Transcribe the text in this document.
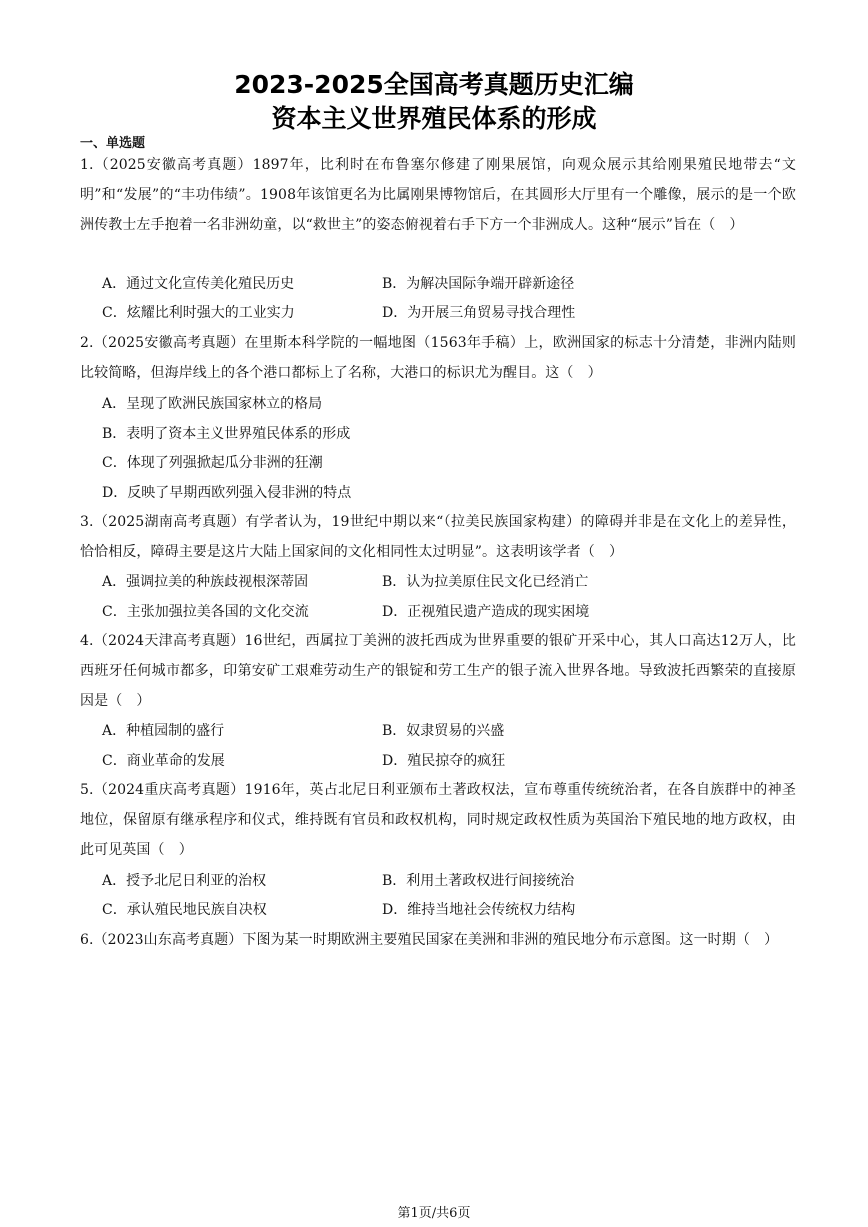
2023-2025全国高考真题历史汇编
资本主义世界殖民体系的形成
一、单选题
1.（2025安徽高考真题）1897年，比利时在布鲁塞尔修建了刚果展馆，向观众展示其给刚果殖民地带去“文明”和“发展”的“丰功伟绩”。1908年该馆更名为比属刚果博物馆后，在其圆形大厅里有一个雕像，展示的是一个欧洲传教士左手抱着一名非洲幼童，以“救世主”的姿态俯视着右手下方一个非洲成人。这种“展示”旨在（　）
A．通过文化宣传美化殖民历史	B．为解决国际争端开辟新途径
C．炫耀比利时强大的工业实力	D．为开展三角贸易寻找合理性
2.（2025安徽高考真题）在里斯本科学院的一幅地图（1563年手稿）上，欧洲国家的标志十分清楚，非洲内陆则比较简略，但海岸线上的各个港口都标上了名称，大港口的标识尤为醒目。这（　）
A．呈现了欧洲民族国家林立的格局
B．表明了资本主义世界殖民体系的形成
C．体现了列强掀起瓜分非洲的狂潮
D．反映了早期西欧列强入侵非洲的特点
3.（2025湖南高考真题）有学者认为，19世纪中期以来“（拉美民族国家构建）的障碍并非是在文化上的差异性，恰恰相反，障碍主要是这片大陆上国家间的文化相同性太过明显”。这表明该学者（　）
A．强调拉美的种族歧视根深蒂固	B．认为拉美原住民文化已经消亡
C．主张加强拉美各国的文化交流	D．正视殖民遗产造成的现实困境
4.（2024天津高考真题）16世纪，西属拉丁美洲的波托西成为世界重要的银矿开采中心，其人口高达12万人，比西班牙任何城市都多，印第安矿工艰难劳动生产的银锭和劳工生产的银子流入世界各地。导致波托西繁荣的直接原因是（　）
A．种植园制的盛行	B．奴隶贸易的兴盛
C．商业革命的发展	D．殖民掠夺的疯狂
5.（2024重庆高考真题）1916年，英占北尼日利亚颁布土著政权法，宣布尊重传统统治者，在各自族群中的神圣地位，保留原有继承程序和仪式，维持既有官员和政权机构，同时规定政权性质为英国治下殖民地的地方政权，由此可见英国（　）
A．授予北尼日利亚的治权	B．利用土著政权进行间接统治
C．承认殖民地民族自决权	D．维持当地社会传统权力结构
6.（2023山东高考真题）下图为某一时期欧洲主要殖民国家在美洲和非洲的殖民地分布示意图。这一时期（　）
第1页/共6页
